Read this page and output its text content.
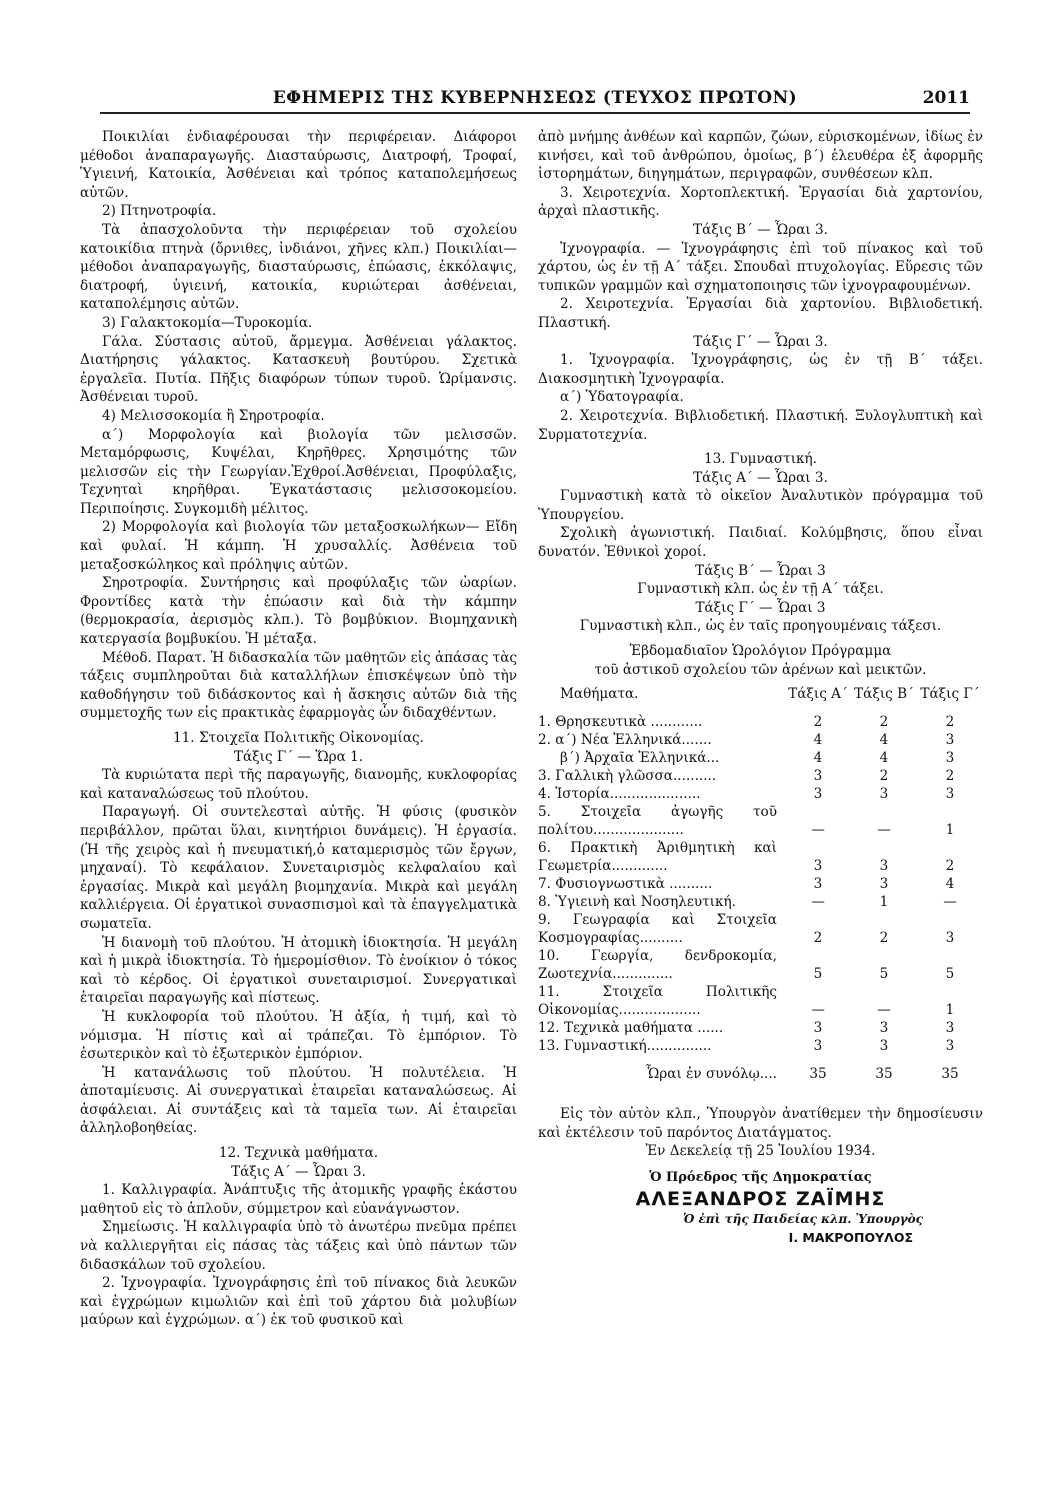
ΕΦΗΜΕΡΙΣ ΤΗΣ ΚΥΒΕΡΝΗΣΕΩΣ (ΤΕΥΧΟΣ ΠΡΩΤΟΝ)	2011

Ποικιλίαι ἐνδιαφέρουσαι τὴν περιφέρειαν. Διάφοροι μέθοδοι ἀναπαραγωγῆς. Διασταύρωσις, Διατροφή, Τροφαί, Ὑγιεινή, Κατοικία, Ἀσθένειαι καὶ τρόπος καταπολεμήσεως αὐτῶν.

2) Πτηνοτροφία.

Τὰ ἀπασχολοῦντα τὴν περιφέρειαν τοῦ σχολείου κατοικίδια πτηνὰ (ὄρνιθες, ἰνδιάνοι, χῆνες κλπ.) Ποικιλίαι— μέθοδοι ἀναπαραγωγῆς, διασταύρωσις, ἐπώασις, ἐκκόλαψις, διατροφή, ὑγιεινή, κατοικία, κυριώτεραι ἀσθένειαι, καταπολέμησις αὐτῶν.

3) Γαλακτοκομία—Τυροκομία.

Γάλα. Σύστασις αὐτοῦ, ἄρμεγμα. Ἀσθένειαι γάλακτος. Διατήρησις γάλακτος. Κατασκευὴ βουτύρου. Σχετικὰ ἐργαλεῖα. Πυτία. Πῆξις διαφόρων τύπων τυροῦ. Ὡρίμανσις. Ἀσθένειαι τυροῦ.

4) Μελισσοκομία ἢ Σηροτροφία.

α΄) Μορφολογία καὶ βιολογία τῶν μελισσῶν. Μεταμόρφωσις, Κυψέλαι, Κηρῆθρες. Χρησιμότης τῶν μελισσῶν εἰς τὴν Γεωργίαν.Ἐχθροί.Ἀσθένειαι, Προφύλαξις, Τεχνηταὶ κηρῆθραι. Ἐγκατάστασις μελισσοκομείου. Περιποίησις. Συγκομιδὴ μέλιτος.

2) Μορφολογία καὶ βιολογία τῶν μεταξοσκωλήκων— Εἴδη καὶ φυλαί. Ἡ κάμπη. Ἡ χρυσαλλίς. Ἀσθένεια τοῦ μεταξοσκώληκος καὶ πρόληψις αὐτῶν.

Σηροτροφία. Συντήρησις καὶ προφύλαξις τῶν ὠαρίων. Φροντίδες κατὰ τὴν ἐπώασιν καὶ διὰ τὴν κάμπην (θερμοκρασία, ἀερισμὸς κλπ.). Τὸ βομβύκιον. Βιομηχανικὴ κατεργασία βομβυκίου. Ἡ μέταξα.

Μέθοδ. Παρατ. Ἡ διδασκαλία τῶν μαθητῶν εἰς ἁπάσας τὰς τάξεις συμπληροῦται διὰ καταλλήλων ἐπισκέψεων ὑπὸ τὴν καθοδήγησιν τοῦ διδάσκοντος καὶ ἡ ἄσκησις αὐτῶν διὰ τῆς συμμετοχῆς των εἰς πρακτικὰς ἐφαρμογὰς ὧν διδαχθέντων.

11. Στοιχεῖα Πολιτικῆς Οἰκονομίας.

Τάξις Γ΄ — Ὥρα 1.

Τὰ κυριώτατα περὶ τῆς παραγωγῆς, διανομῆς, κυκλοφορίας καὶ καταναλώσεως τοῦ πλούτου.

Παραγωγή. Οἱ συντελεσταὶ αὐτῆς. Ἡ φύσις (φυσικὸν περιβάλλον, πρῶται ὕλαι, κινητήριοι δυνάμεις). Ἡ ἐργασία. (Ἡ τῆς χειρὸς καὶ ἡ πνευματική,ὁ καταμερισμὸς τῶν ἔργων, μηχαναί). Τὸ κεφάλαιον. Συνεταιρισμὸς κελφαλαίου καὶ ἐργασίας. Μικρὰ καὶ μεγάλη βιομηχανία. Μικρὰ καὶ μεγάλη καλλιέργεια. Οἱ ἐργατικοὶ συνασπισμοὶ καὶ τὰ ἐπαγγελματικὰ σωματεῖα.

Ἡ διανομὴ τοῦ πλούτου. Ἡ ἀτομικὴ ἰδιοκτησία. Ἡ μεγάλη καὶ ἡ μικρὰ ἰδιοκτησία. Τὸ ἡμερομίσθιον. Τὸ ἐνοίκιον ὁ τόκος καὶ τὸ κέρδος. Οἱ ἐργατικοὶ συνεταιρισμοί. Συνεργατικαὶ ἑταιρεῖαι παραγωγῆς καὶ πίστεως.

Ἡ κυκλοφορία τοῦ πλούτου. Ἡ ἀξία, ἡ τιμή, καὶ τὸ νόμισμα. Ἡ πίστις καὶ αἱ τράπεζαι. Τὸ ἐμπόριον. Τὸ ἐσωτερικὸν καὶ τὸ ἐξωτερικὸν ἐμπόριον.

Ἡ κατανάλωσις τοῦ πλούτου. Ἡ πολυτέλεια. Ἡ ἀποταμίευσις. Αἱ συνεργατικαὶ ἑταιρεῖαι καταναλώσεως. Αἱ ἀσφάλειαι. Αἱ συντάξεις καὶ τὰ ταμεῖα των. Αἱ ἑταιρεῖαι ἀλληλοβοηθείας.

12. Τεχνικὰ μαθήματα.

Τάξις Α΄ — Ὧραι 3.

1. Καλλιγραφία. Ἀνάπτυξις τῆς ἀτομικῆς γραφῆς ἑκάστου μαθητοῦ εἰς τὸ ἁπλοῦν, σύμμετρον καὶ εὐανάγνωστον.

Σημείωσις. Ἡ καλλιγραφία ὑπὸ τὸ ἀνωτέρω πνεῦμα πρέπει νὰ καλλιεργῆται εἰς πάσας τὰς τάξεις καὶ ὑπὸ πάντων τῶν διδασκάλων τοῦ σχολείου.

2. Ἰχνογραφία. Ἰχνογράφησις ἐπὶ τοῦ πίνακος διὰ λευκῶν καὶ ἐγχρώμων κιμωλιῶν καὶ ἐπὶ τοῦ χάρτου διὰ μολυβίων μαύρων καὶ ἐγχρώμων. α΄) ἐκ τοῦ φυσικοῦ καὶ

ἀπὸ μνήμης ἀνθέων καὶ καρπῶν, ζώων, εὑρισκομένων, ἰδίως ἐν κινήσει, καὶ τοῦ ἀνθρώπου, ὁμοίως, β΄) ἐλευθέρα ἐξ ἀφορμῆς ἱστορημάτων, διηγημάτων, περιγραφῶν, συνθέσεων κλπ.

3. Χειροτεχνία. Χορτοπλεκτική. Ἐργασίαι διὰ χαρτονίου, ἀρχαὶ πλαστικῆς.

Τάξις Β΄ — Ὧραι 3.

Ἰχνογραφία. — Ἰχνογράφησις ἐπὶ τοῦ πίνακος καὶ τοῦ χάρτου, ὡς ἐν τῇ Α΄ τάξει. Σπουδαὶ πτυχολογίας. Εὕρεσις τῶν τυπικῶν γραμμῶν καὶ σχηματοποιησις τῶν ἰχνογραφουμένων.

2. Χειροτεχνία. Ἐργασίαι διὰ χαρτονίου. Βιβλιοδετική. Πλαστική.

Τάξις Γ΄ — Ὧραι 3.

1. Ἰχνογραφία. Ἰχνογράφησις, ὡς ἐν τῇ Β΄ τάξει. Διακοσμητικὴ Ἰχνογραφία.

α΄) Ὑδατογραφία.

2. Χειροτεχνία. Βιβλιοδετική. Πλαστική. Ξυλογλυπτικὴ καὶ Συρματοτεχνία.

13. Γυμναστική.

Τάξις Α΄ — Ὧραι 3.

Γυμναστικὴ κατὰ τὸ οἰκεῖον Ἀναλυτικὸν πρόγραμμα τοῦ Ὑπουργείου.

Σχολικὴ ἀγωνιστική. Παιδιαί. Κολύμβησις, ὅπου εἶναι δυνατόν. Ἐθνικοὶ χοροί.

Τάξις Β΄ — Ὧραι 3

Γυμναστικὴ κλπ. ὡς ἐν τῇ Α΄ τάξει.

Τάξις Γ΄ — Ὧραι 3

Γυμναστικὴ κλπ., ὡς ἐν ταῖς προηγουμέναις τάξεσι.

Ἑβδομαδιαῖον Ὡρολόγιον Πρόγραμμα

τοῦ ἀστικοῦ σχολείου τῶν ἀρένων καὶ μεικτῶν.

Μαθήματα.	Τάξις Α΄	Τάξις Β΄	Τάξις Γ΄
1. Θρησκευτικὰ ............	2	2	2
2. α΄) Νέα Ἑλληνικά.......	4	4	3
β΄) Ἀρχαῖα Ἑλληνικά...	4	4	3
3. Γαλλικὴ γλῶσσα..........	3	2	2
4. Ἱστορία.....................	3	3	3
5. Στοιχεῖα ἀγωγῆς τοῦ πολίτου.....................	—	—	1
6. Πρακτικὴ Ἀριθμητικὴ καὶ Γεωμετρία.............	3	3	2
7. Φυσιογνωστικὰ ..........	3	3	4
8. Ὑγιεινὴ καὶ Νοσηλευτική.	—	1	—
9. Γεωγραφία καὶ Στοιχεῖα Κοσμογραφίας..........	2	2	3
10. Γεωργία, δενδροκομία, Ζωοτεχνία..............	5	5	5
11. Στοιχεῖα Πολιτικῆς Οἰκονομίας...................	—	—	1
12. Τεχνικὰ μαθήματα ......	3	3	3
13. Γυμναστική...............	3	3	3
Ὧραι ἐν συνόλῳ....	35	35	35

Εἰς τὸν αὐτὸν κλπ., Ὑπουργὸν ἀνατίθεμεν τὴν δημοσίευσιν καὶ ἐκτέλεσιν τοῦ παρόντος Διατάγματος.

Ἐν Δεκελείᾳ τῇ 25 Ἰουλίου 1934.

Ὁ Πρόεδρος τῆς Δημοκρατίας
ΑΛΕΞΑΝΔΡΟΣ ΖΑΪΜΗΣ
Ὁ ἐπὶ τῆς Παιδείας κλπ. Ὑπουργὸς
Ι. ΜΑΚΡΟΠΟΥΛΟΣ
